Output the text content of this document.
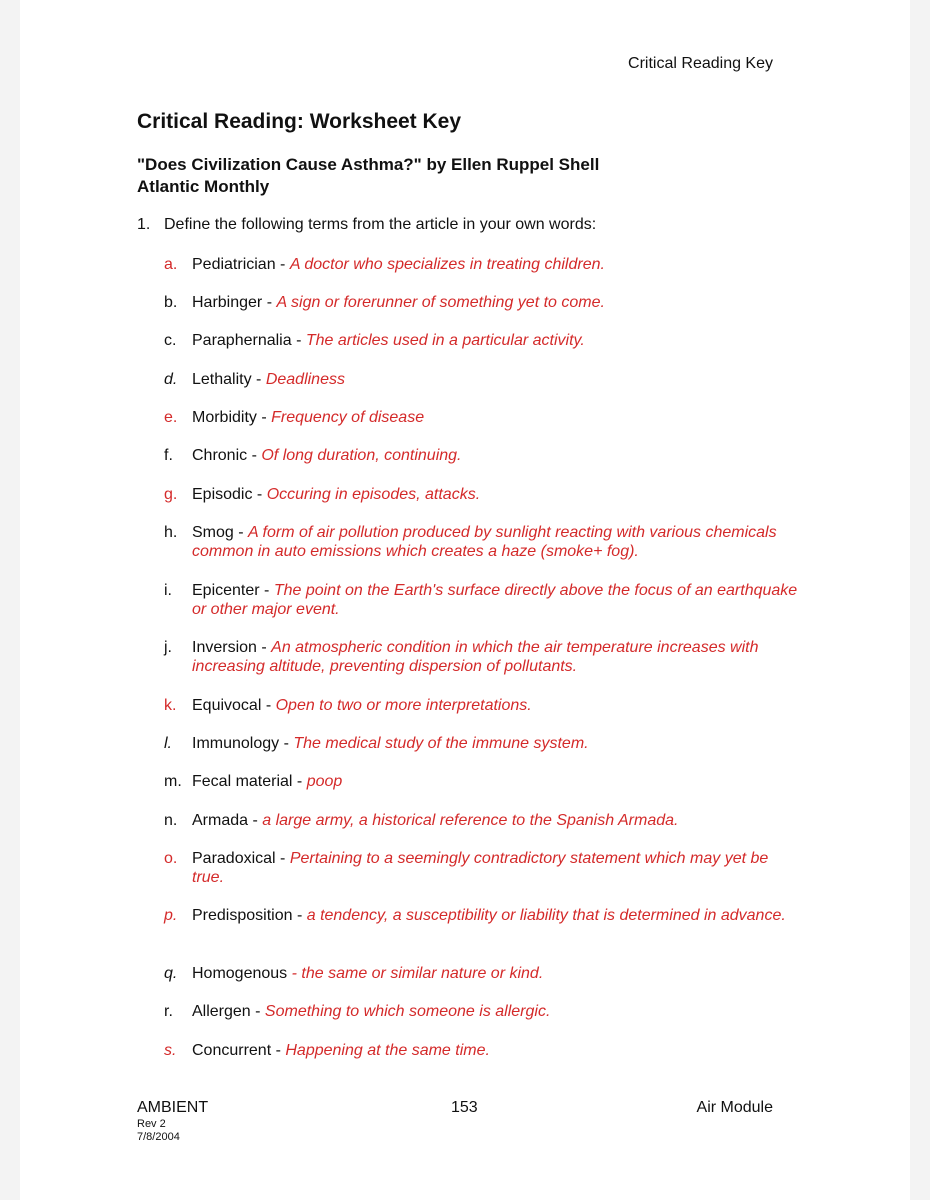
Critical Reading Key
Critical Reading: Worksheet Key
"Does Civilization Cause Asthma?" by Ellen Ruppel Shell
Atlantic Monthly
1. Define the following terms from the article in your own words:
AMBIENT	153	Air Module
Rev 2
7/8/2004
a. Pediatrician - A doctor who specializes in treating children.
b. Harbinger - A sign or forerunner of something yet to come.
c. Paraphernalia - The articles used in a particular activity.
d. Lethality - Deadliness
e. Morbidity - Frequency of disease
f. Chronic - Of long duration, continuing.
g. Episodic - Occuring in episodes, attacks.
h. Smog - A form of air pollution produced by sunlight reacting with various chemicals common in auto emissions which creates a haze (smoke+ fog).
i. Epicenter - The point on the Earth's surface directly above the focus of an earthquake or other major event.
j. Inversion - An atmospheric condition in which the air temperature increases with increasing altitude, preventing dispersion of pollutants.
k. Equivocal - Open to two or more interpretations.
l. Immunology - The medical study of the immune system.
m. Fecal material - poop
n. Armada - a large army, a historical reference to the Spanish Armada.
o. Paradoxical - Pertaining to a seemingly contradictory statement which may yet be true.
p. Predisposition - a tendency, a susceptibility or liability that is determined in advance.
q. Homogenous - the same or similar nature or kind.
r. Allergen - Something to which someone is allergic.
s. Concurrent - Happening at the same time.
